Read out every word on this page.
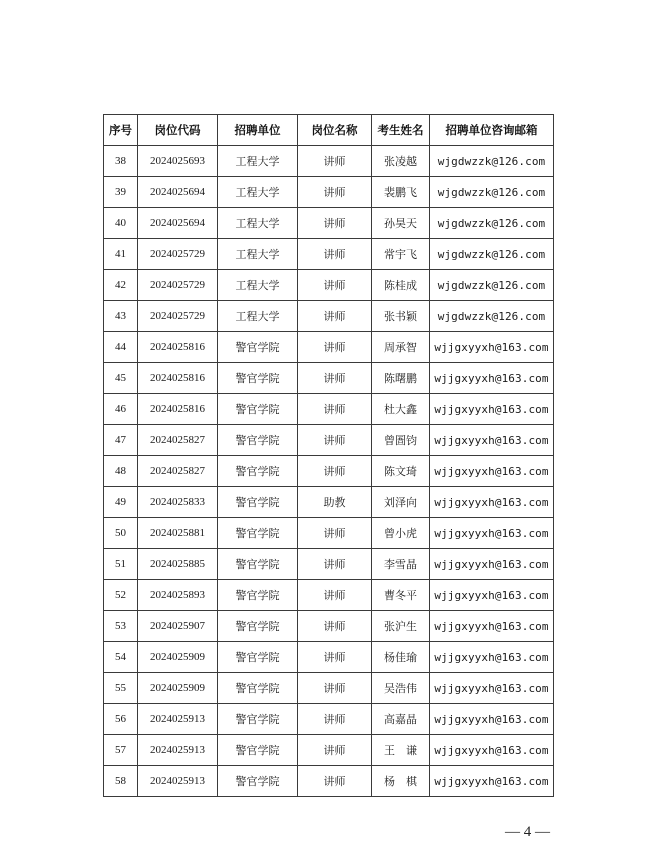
序号	岗位代码	招聘单位	岗位名称	考生姓名	招聘单位咨询邮箱
38	2024025693	工程大学	讲师	张凌越	wjgdwzzk@126.com
39	2024025694	工程大学	讲师	裴鹏飞	wjgdwzzk@126.com
40	2024025694	工程大学	讲师	孙昊天	wjgdwzzk@126.com
41	2024025729	工程大学	讲师	常宇飞	wjgdwzzk@126.com
42	2024025729	工程大学	讲师	陈桂成	wjgdwzzk@126.com
43	2024025729	工程大学	讲师	张书颖	wjgdwzzk@126.com
44	2024025816	警官学院	讲师	周承智	wjjgxyyxh@163.com
45	2024025816	警官学院	讲师	陈曙鹏	wjjgxyyxh@163.com
46	2024025816	警官学院	讲师	杜大鑫	wjjgxyyxh@163.com
47	2024025827	警官学院	讲师	曾圄钧	wjjgxyyxh@163.com
48	2024025827	警官学院	讲师	陈文琦	wjjgxyyxh@163.com
49	2024025833	警官学院	助教	刘泽向	wjjgxyyxh@163.com
50	2024025881	警官学院	讲师	曾小虎	wjjgxyyxh@163.com
51	2024025885	警官学院	讲师	李雪晶	wjjgxyyxh@163.com
52	2024025893	警官学院	讲师	曹冬平	wjjgxyyxh@163.com
53	2024025907	警官学院	讲师	张沪生	wjjgxyyxh@163.com
54	2024025909	警官学院	讲师	杨佳瑜	wjjgxyyxh@163.com
55	2024025909	警官学院	讲师	吴浩伟	wjjgxyyxh@163.com
56	2024025913	警官学院	讲师	高嘉晶	wjjgxyyxh@163.com
57	2024025913	警官学院	讲师	王　谦	wjjgxyyxh@163.com
58	2024025913	警官学院	讲师	杨　棋	wjjgxyyxh@163.com
— 4 —
